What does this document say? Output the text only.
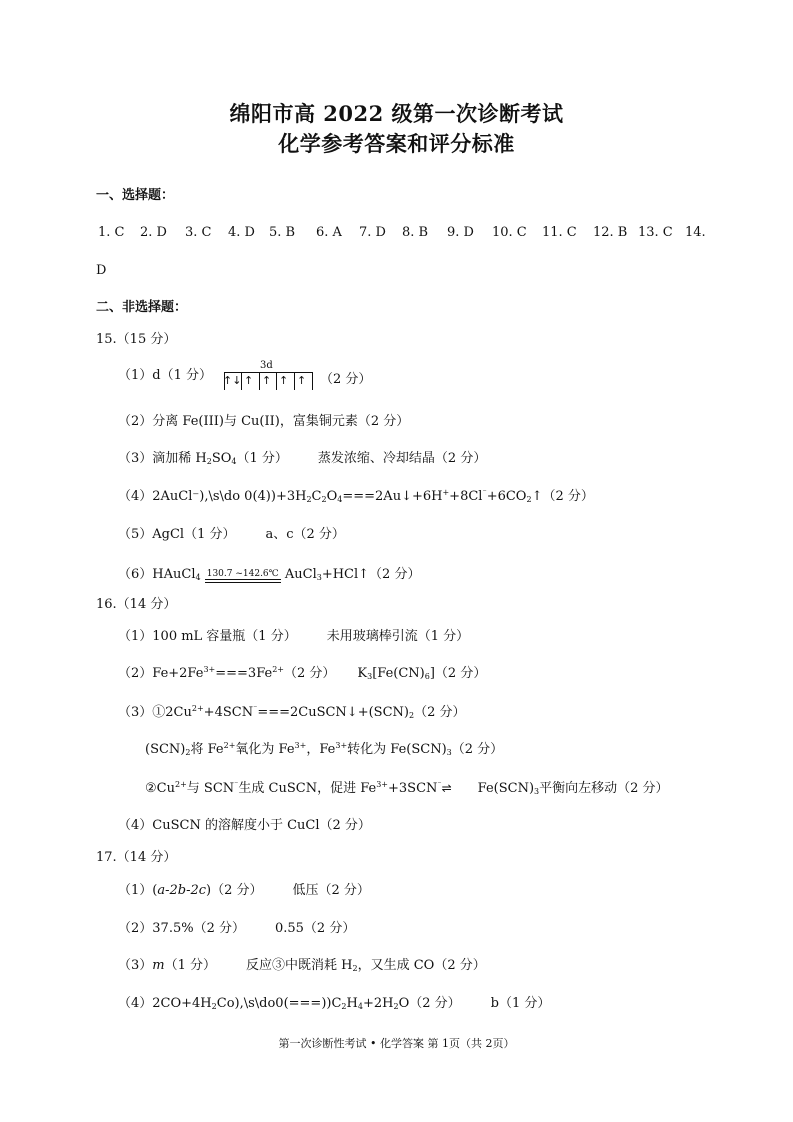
绵阳市高 2022 级第一次诊断考试
化学参考答案和评分标准
一、选择题：
1. C 2. D 3. C 4. D 5. B 6. A 7. D 8. B 9. D 10. C 11. C 12. B 13. C 14.
D
二、非选择题：
15.（15 分）
（1）d（1 分）
3d
↑↓ ↑ ↑ ↑ ↑ （2 分）
（2）分离 Fe(III)与 Cu(II)，富集铜元素（2 分）
（3）滴加稀 $H_2SO_4(1$ 分） 蒸发浓缩、冷却结晶（2 分）
（4）2AuCl⁻),\s\do $0(4))+3H_2C_2O_4===2Au↓+6H^++8Cl^{^-}+6CO_2↑(2$ 分）
（5）AgCl（1 分） a、c（2 分）
（6）HAuCl$_4$ 130.7 ~142.6℃ AuCl$_3$+HCl↑（2 分）
16.（14 分）
（1）100 mL 容量瓶（1 分） 未用玻璃棒引流（1 分）
$(2)Fe+2Fe^{3+}===3Fe^{2+}(2$ 分） $K_3[Fe(CN)_6](2$ 分）
$(3)①2Cu^{2+}+4SCN^{^-}===2CuSCN↓+(SCN)_2(2$ 分）
$(SCN)_2$将 $Fe^{2+}$氧化为 $Fe^{3+}$，$Fe^{3+}$转化为 $Fe(SCN)_3(2$ 分）
$②Cu^{2+}$与 SCN⁻生成 CuSCN，促进 $Fe^{3+}+3SCN^{^-}\rightleftharpoons$ $Fe(SCN)_3$平衡向左移动（2 分）
（4）CuSCN 的溶解度小于 CuCl（2 分）
17.（14 分）
（1）(a-2b-2c)（2 分） 低压（2 分）
（2）37.5%（2 分） 0.55（2 分）
（3）m（1 分） 反应③中既消耗 $H_2$，又生成 CO（2 分）
$(4)2CO+4H_2Co),\backslash s\backslash do0(===))C_2H_4+2H_2O(2$ 分） b（1 分）
第一次诊断性考试 • 化学答案 第 1页（共 2页）
